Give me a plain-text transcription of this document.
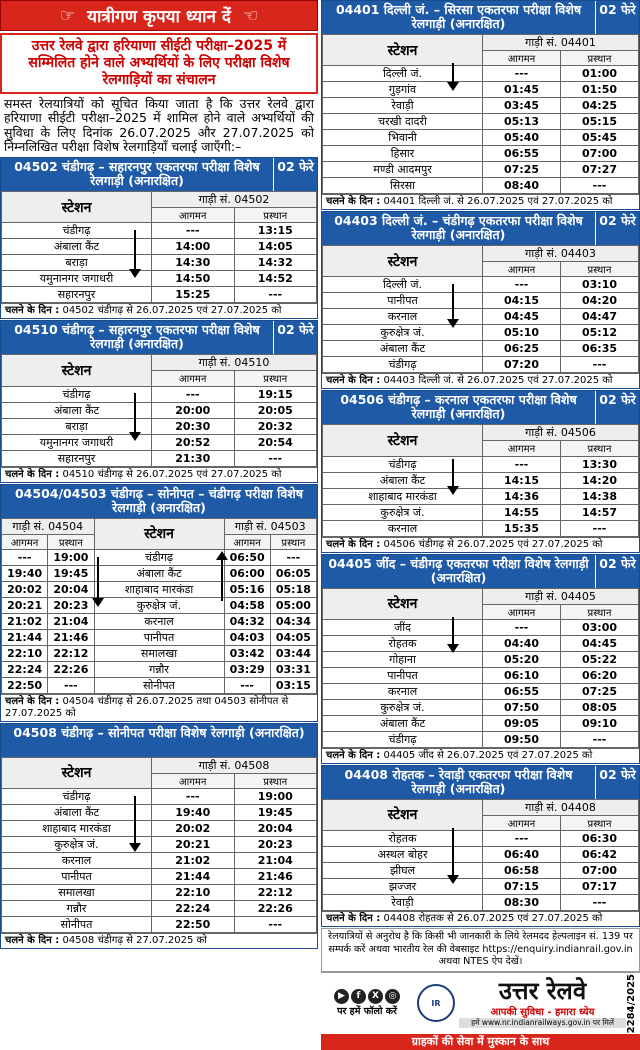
☞ यात्रीगण कृपया ध्यान दें ☜
उत्तर रेलवे द्वारा हरियाणा सीईटी परीक्षा–2025 में सम्मिलित होने वाले अभ्यर्थियों के लिए परीक्षा विशेष रेलगाड़ियों का संचालन
समस्त रेलयात्रियों को सूचित किया जाता है कि उत्तर रेलवे द्वारा हरियाणा सीईटी परीक्षा–2025 में शामिल होने वाले अभ्यर्थियों की सुविधा के लिए दिनांक 26.07.2025 और 27.07.2025 को निम्नलिखित परीक्षा विशेष रेलगाड़ियाँ चलाई जाएँगी:–
04502 चंडीगढ़ – सहारनपुर एकतरफा परीक्षा विशेष रेलगाड़ी (अनारक्षित)
02 फेरे
स्टेशन	गाड़ी सं. 04502	
	आगमन	प्रस्थान
चंडीगढ़	---	13:15
अंबाला कैंट	14:00	14:05
बराड़ा	14:30	14:32
यमुनानगर जगाधरी	14:50	14:52
सहारनपुर	15:25	---
चलने के दिन : 04502 चंडीगढ़ से 26.07.2025 एवं 27.07.2025 को
04510 चंडीगढ़ – सहारनपुर एकतरफा परीक्षा विशेष रेलगाड़ी (अनारक्षित)
02 फेरे
स्टेशन	गाड़ी सं. 04510	
	आगमन	प्रस्थान
चंडीगढ़	---	19:15
अंबाला कैंट	20:00	20:05
बराड़ा	20:30	20:32
यमुनानगर जगाधरी	20:52	20:54
सहारनपुर	21:30	---
चलने के दिन : 04510 चंडीगढ़ से 26.07.2025 एवं 27.07.2025 को
04504/04503 चंडीगढ़ – सोनीपत – चंडीगढ़ परीक्षा विशेष रेलगाड़ी (अनारक्षित)
गाड़ी सं. 04504		स्टेशन	गाड़ी सं. 04503	
आगमन	प्रस्थान		आगमन	प्रस्थान
---	19:00	चंडीगढ़	06:50	---
19:40	19:45	अंबाला कैंट	06:00	06:05
20:02	20:04	शाहाबाद मारकंडा	05:16	05:18
20:21	20:23	कुरुक्षेत्र जं.	04:58	05:00
21:02	21:04	करनाल	04:32	04:34
21:44	21:46	पानीपत	04:03	04:05
22:10	22:12	समालखा	03:42	03:44
22:24	22:26	गन्नौर	03:29	03:31
22:50	---	सोनीपत	---	03:15
चलने के दिन : 04504 चंडीगढ़ से 26.07.2025 तथा 04503 सोनीपत से 27.07.2025 को
04508 चंडीगढ़ – सोनीपत परीक्षा विशेष रेलगाड़ी (अनारक्षित)
स्टेशन	गाड़ी सं. 04508	
	आगमन	प्रस्थान
चंडीगढ़	---	19:00
अंबाला कैंट	19:40	19:45
शाहाबाद मारकंडा	20:02	20:04
कुरुक्षेत्र जं.	20:21	20:23
करनाल	21:02	21:04
पानीपत	21:44	21:46
समालखा	22:10	22:12
गन्नौर	22:24	22:26
सोनीपत	22:50	---
चलने के दिन : 04508 चंडीगढ़ से 27.07.2025 को
04401 दिल्ली जं. – सिरसा एकतरफा परीक्षा विशेष रेलगाड़ी (अनारक्षित)
02 फेरे
स्टेशन	गाड़ी सं. 04401	
	आगमन	प्रस्थान
दिल्ली जं.	---	01:00
गुड़गांव	01:45	01:50
रेवाड़ी	03:45	04:25
चरखी दादरी	05:13	05:15
भिवानी	05:40	05:45
हिसार	06:55	07:00
मण्डी आदमपुर	07:25	07:27
सिरसा	08:40	---
चलने के दिन : 04401 दिल्ली जं. से 26.07.2025 एवं 27.07.2025 को
04403 दिल्ली जं. – चंडीगढ़ एकतरफा परीक्षा विशेष रेलगाड़ी (अनारक्षित)
02 फेरे
स्टेशन	गाड़ी सं. 04403	
	आगमन	प्रस्थान
दिल्ली जं.	---	03:10
पानीपत	04:15	04:20
करनाल	04:45	04:47
कुरुक्षेत्र जं.	05:10	05:12
अंबाला कैंट	06:25	06:35
चंडीगढ़	07:20	---
चलने के दिन : 04403 दिल्ली जं. से 26.07.2025 एवं 27.07.2025 को
04506 चंडीगढ़ – करनाल एकतरफा परीक्षा विशेष रेलगाड़ी (अनारक्षित)
02 फेरे
स्टेशन	गाड़ी सं. 04506	
	आगमन	प्रस्थान
चंडीगढ़	---	13:30
अंबाला कैंट	14:15	14:20
शाहाबाद मारकंडा	14:36	14:38
कुरुक्षेत्र जं.	14:55	14:57
करनाल	15:35	---
चलने के दिन : 04506 चंडीगढ़ से 26.07.2025 एवं 27.07.2025 को
04405 जींद – चंडीगढ़ एकतरफा परीक्षा विशेष रेलगाड़ी (अनारक्षित)
02 फेरे
स्टेशन	गाड़ी सं. 04405	
	आगमन	प्रस्थान
जींद	---	03:00
रोहतक	04:40	04:45
गोहाना	05:20	05:22
पानीपत	06:10	06:20
करनाल	06:55	07:25
कुरुक्षेत्र जं.	07:50	08:05
अंबाला कैंट	09:05	09:10
चंडीगढ़	09:50	---
चलने के दिन : 04405 जींद से 26.07.2025 एवं 27.07.2025 को
04408 रोहतक – रेवाड़ी एकतरफा परीक्षा विशेष रेलगाड़ी (अनारक्षित)
02 फेरे
स्टेशन	गाड़ी सं. 04408	
	आगमन	प्रस्थान
रोहतक	---	06:30
अस्थल बोहर	06:40	06:42
झीघल	06:58	07:00
झज्जर	07:15	07:17
रेवाड़ी	08:30	---
चलने के दिन : 04408 रोहतक से 26.07.2025 एवं 27.07.2025 को
रेलयात्रियों से अनुरोध है कि किसी भी जानकारी के लिये रेलमदद हेल्पलाइन सं. 139 पर सम्पर्क करें अथवा भारतीय रेल की वेबसाइट https://enquiry.indianrail.gov.in अथवा NTES ऐप देखें।
▶ f X ◎
पर हमें फॉलो करें
IR	उत्तर रेलवे
आपकी सुविधा - हमारा ध्येय
हमें www.nr.indianrailways.gov.in पर मिलें	2284/2025
ग्राहकों की सेवा में मुस्कान के साथ
